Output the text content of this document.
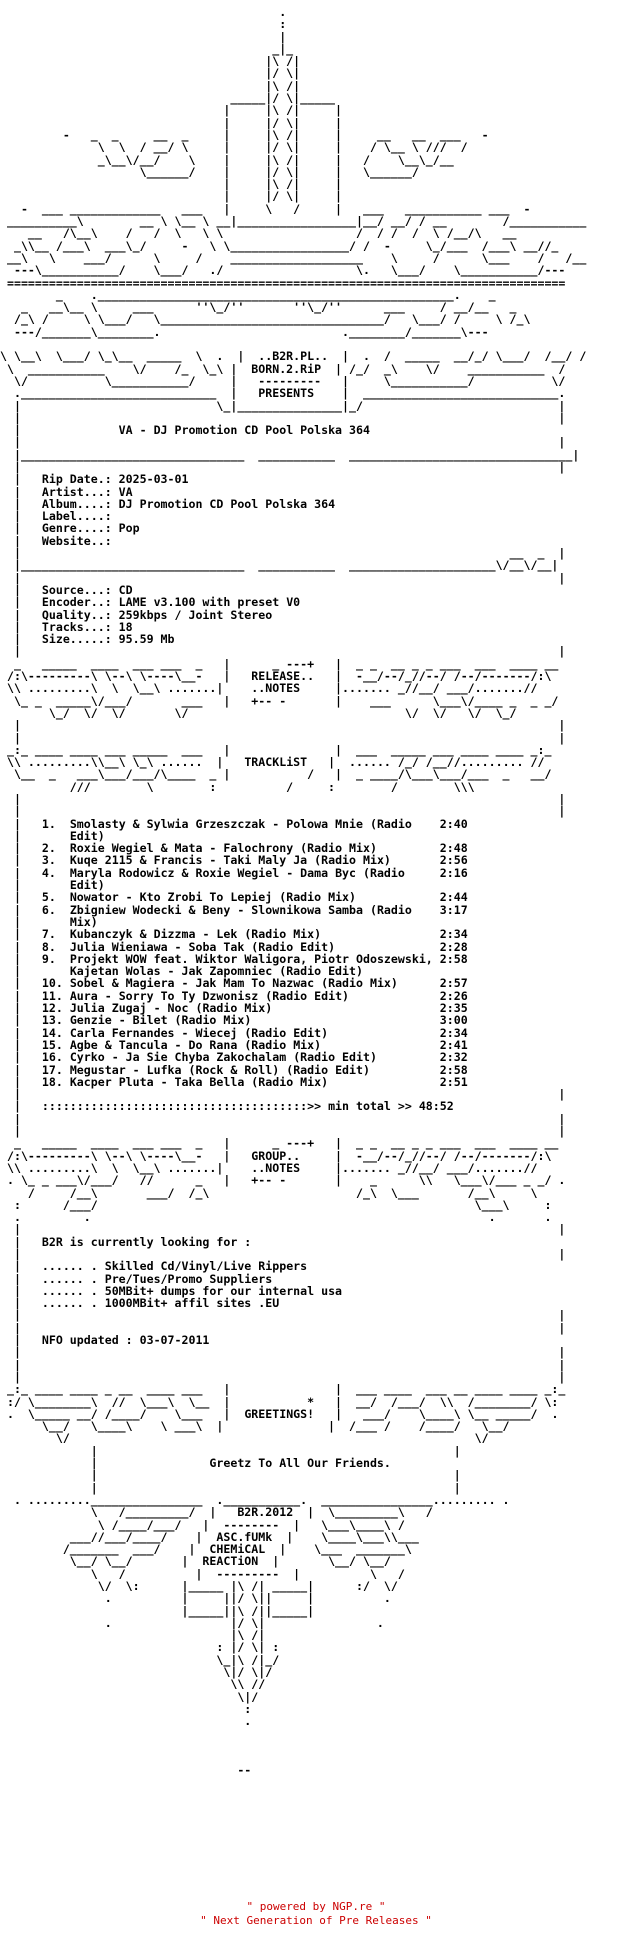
.
:
|
_|_
|\ /|
|/ \|
|\ /|
_____|/ \|_____
|     |\ /|     |
|     |/ \|     |
-   _  _     __  _     |     |\ /|     |     __   __  ___   -
\  \  / __/ \     |     |/ \|     |    / \__ \ ///  /
_\__\/__/    \    |     |\ /|     |   /    \__\_/__
\______/    |     |/ \|     |   \______/
|     |\ /|     |
|     |/ \|     |
-  ___ _____________   ___   |     \   /     |   ___   ___________ ___  -
__________\        __ \ \__ \ __|_________________|__/ __/ / __        /___________
__   /\__\    /   /  \   \ \                   /  / /  /  \ /__/\   __
_\\__ /___\  ___\_/     -   \ \_________________/ /  -     \_/___  /___\ __//_
__\   \    ___/      \     /    ___________________    \     /      \___    /   /__
---\___________/    \___/   ./                   \.   \___/    \___________/---
================================================================================
_    .___________________________________________________.    _
_   __\__ \     ___      ''\_/''       ''\_/''      ___     / __/__   _
/_\ /     \ \___/   \________________________________/   \___/ /     \ /_\
---/_______\________.                          .________/_______\---

\ \__\  \___/ \_\__  _____  \  .  |  ..B2R.PL..  |  .  /  _____  __/_/ \___/  /__/ /
\  ___________    \/    /_  \_\ |  BORN.2.RiP  | /_/  _\    \/    ___________  /
\/           \___________/     |   ---------   |     \___________/           \/
.____________________________  |   PRESENTS    |  ____________________________.
|                            \_|_______________|_/                            |
|                                                                             |
|              VA - DJ Promotion CD Pool Polska 364
|                                                                             |
|________________________________  ___________  ________________________________|
|                                                                             |
|   Rip Date.: 2025-03-01
|   Artist...: VA
|   Album....: DJ Promotion CD Pool Polska 364
|   Label....:
|   Genre....: Pop
|   Website..:
|                                                                      __  _  |
|________________________________  ___________  _____________________\/__\/__|
|                                                                             |
|   Source...: CD
|   Encoder..: LAME v3.100 with preset V0
|   Quality..: 259kbps / Joint Stereo
|   Tracks...: 18
|   Size.....: 95.59 Mb
|                                                                             |
_   _____  ____  ___ ___  _   |      _ ---+   |  _ _  __ _ _ ___  ___  ____ __
/:\---------\ \--\ \----\__-   |   RELEASE..   |  -__/--/_//--/ /--/-------/:\
\\ .........\  \  \__\ .......|    ..NOTES     |....... _//__/ ___/.......//
\_ _  _____\/___/       ___   |   +-- -       |    ___      \___\/____ _  _ _/
\_/  \/  \/       \/                               \/  \/   \/  \_/
|                                                                             |
|                                                                             |
_:_ ____ ____ ___ _____  ___   |               |  ___  _____ ___ ____ ____ _:_
\\ .........\\__\ \_\ ......  |   TRACKLiST   |  ...... /_/ /__//......... //
\__  _   ___\___/___/\____  _ |           /   |  _ ____/\___\___/___  _   __/
///        \        :          /     :        /        \\\
|                                                                             |
|                                                                             |
|   1. Smolasty & Sylwia Grzeszczak - Polowa Mnie (Radio 2:40
|       Edit)
|   2. Roxie Wegiel & Mata - Falochrony (Radio Mix)	2:48
|   3. Kuqe 2115 & Francis - Taki Maly Ja (Radio Mix)	2:56
|   4. Maryla Rodowicz & Roxie Wegiel - Dama Byc (Radio	2:16
|       Edit)
|   5. Nowator - Kto Zrobi To Lepiej (Radio Mix)	2:44
|   6. Zbigniew Wodecki & Beny - Slownikowa Samba (Radio 3:17
|       Mix)
|   7. Kubanczyk & Dizzma - Lek (Radio Mix)	2:34
|   8. Julia Wieniawa - Soba Tak (Radio Edit)	2:28
|   9. Projekt WOW feat. Wiktor Waligora, Piotr Odoszewski, 2:58
|       Kajetan Wolas - Jak Zapomniec (Radio Edit)
|   10. Sobel & Magiera - Jak Mam To Nazwac (Radio Mix)	2:57
|   11. Aura - Sorry To Ty Dzwonisz (Radio Edit)	2:26
|   12. Julia Zugaj - Noc (Radio Mix)	2:35
|   13. Genzie - Bilet (Radio Mix)	3:00
|   14. Carla Fernandes - Wiecej (Radio Edit)	2:34
|   15. Agbe & Tancula - Do Rana (Radio Mix)	2:41
|   16. Cyrko - Ja Sie Chyba Zakochalam (Radio Edit)	2:32
|   17. Megustar - Lufka (Rock & Roll) (Radio Edit)	2:58
|   18. Kacper Pluta - Taka Bella (Radio Mix)	2:51
|                                                                             |
|   ::::::::::::::::::::::::::::::::::::::>> min total >> 48:52
|                                                                             |
|                                                                             |
_   _____  ____  ___ ___  _   |      _ ---+   |  _ _  __ _ _ ___  ___  ____ __
/:\---------\ \--\ \----\__-   |   GROUP..     |  -__/--/_//--/ /--/-------/:\
\\ .........\  \  \__\ .......|    ..NOTES     |....... _//__/ ___/.......//
. \_ _ ___\/___/   //      _   |   +-- -       |    _      \\   \___\/___ _ _/ .
/     /__\       ___/  /_\                     /_\  \___       /__\     \
:      /___/                                                      \___\     :
.         .                                                         .       .
|                                                                             |
|   B2R is currently looking for :
|                                                                             |
|   ...... . Skilled Cd/Vinyl/Live Rippers
|   ...... . Pre/Tues/Promo Suppliers
|   ...... . 50MBit+ dumps for our internal usa
|   ...... . 1000MBit+ affil sites .EU
|                                                                             |
|                                                                             |
|   NFO updated : 03-07-2011
|                                                                             |
|                                                                             |
|                                                                             |
_:_ ____ ____ _ __  ____ ___   |               |  ___ ____  ___ __ ____ ____ _:_
:/ \________\  //  \___\  \__  |           *   |  __/  /___/  \\  /________/ \:
.  \_____ __/ /____/    \___   |  GREETINGS!   |   ___/    \____\ \__ _____/  .
\__/   \____\    \ ___\  |               |  /___ /    /____/   \__/
\/                                                          \/
|                                                   |
|                Greetz To All Our Friends.
|                                                   |
|                                                   |
. .........________________  .___________.  ________________......... .
\   /_________/  |   B2R.2012  |  \_________\   /
\ /____/___/   |  --------  |   \___\____\ /
___//___/____/    |  ASC.fUMk  |    \____\___\\___
/_______  ___/    |  CHEMiCAL  |    \___  _______\
\__/ \__/       |  REACTiON  |       \__/ \__/
\   /          |  ---------  |          \   /
\/  \:      |_____ |\ /| _____|      :/  \/
.          |     ||/ \||     |          .
|_____||\ /||_____|
.                 |/ \|                .
|\ /|
: |/ \| :
\_|\ /|_/
\|/ \|/
\\ //
\|/
:
.

--

" powered by NGP.re "
" Next Generation of Pre Releases "
